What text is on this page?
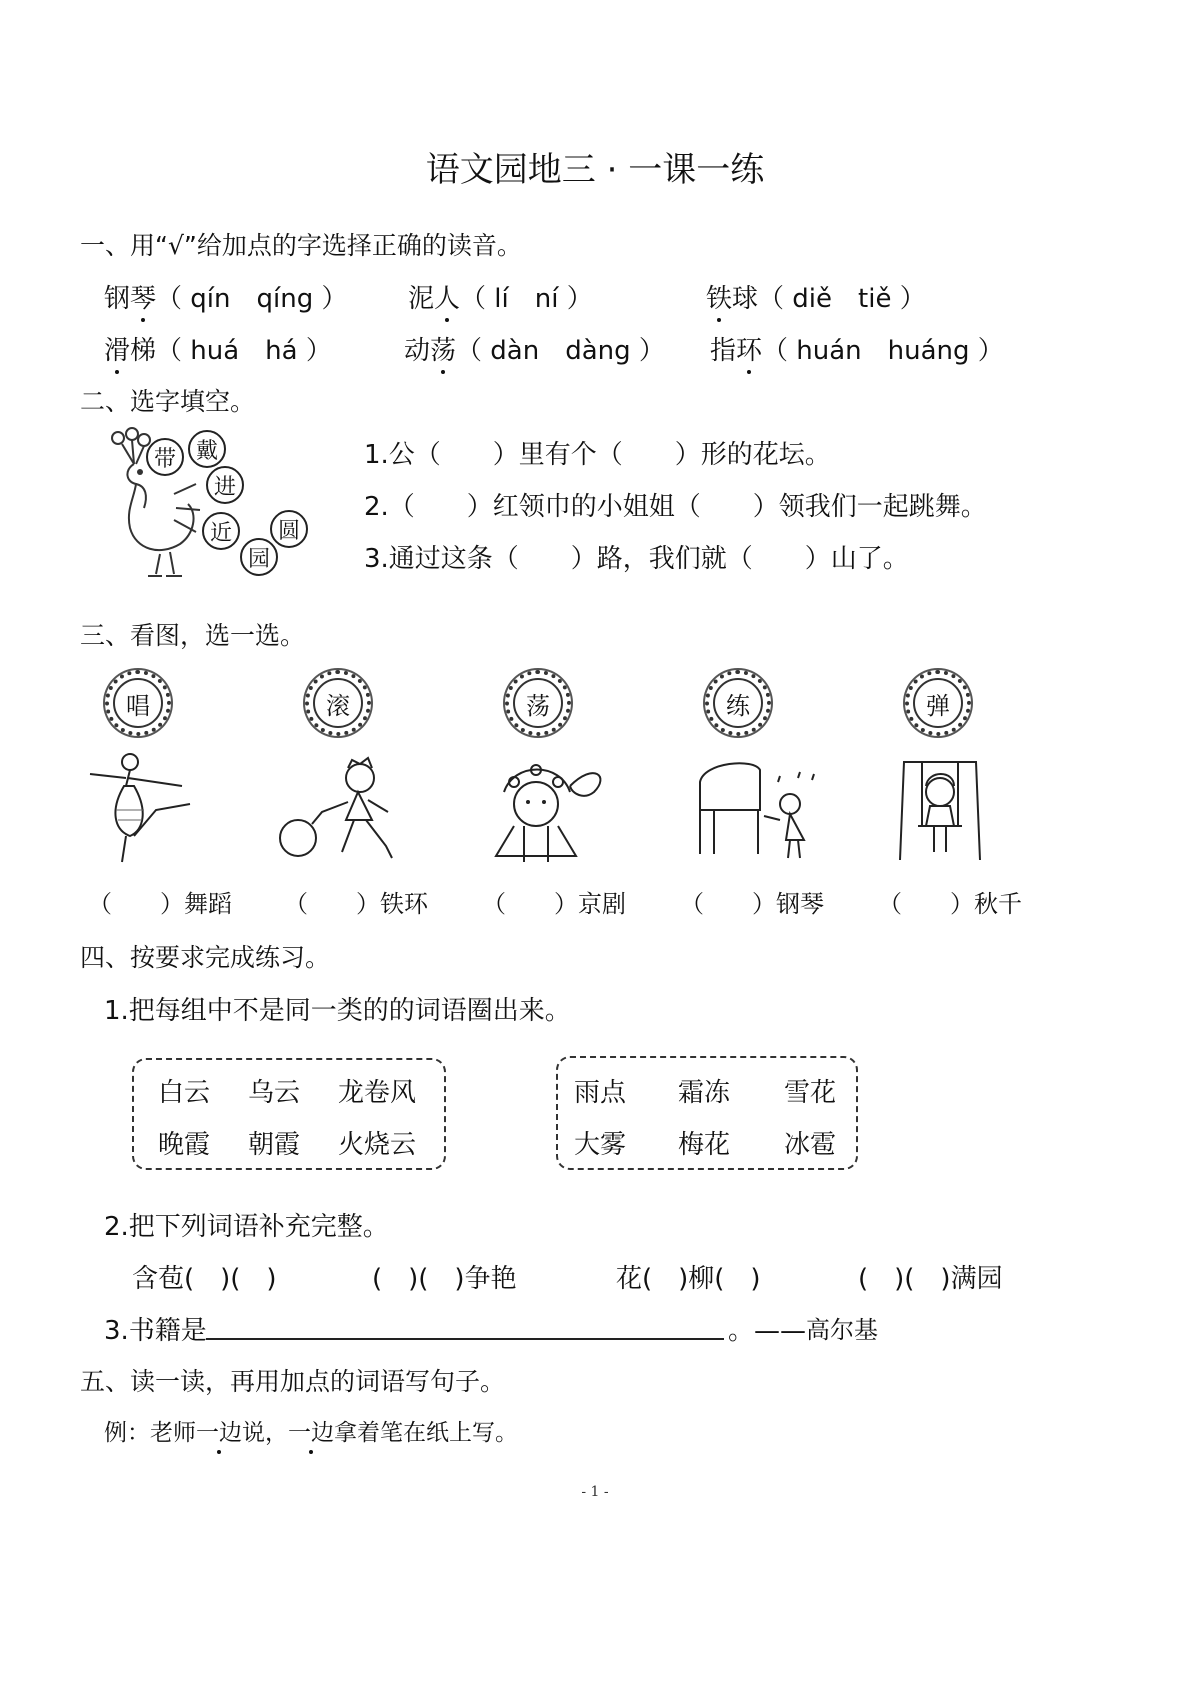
语文园地三 · 一课一练
一、用“√”给加点的字选择正确的读音。
钢琴（ qín　qíng ） 泥人（ lí　ní ）	铁球（ diě　tiě ）
滑梯（ huá　há ）	动荡（ dàn　dàng ） 指环（ huán　huáng ）
二、选字填空。
带 戴
进
近
园
圆
1.公（　　）里有个（　　）形的花坛。
2.（　　）红领巾的小姐姐（　　）领我们一起跳舞。
3.通过这条（　　）路，我们就（　　）山了。
三、看图，选一选。
唱	滚	荡	练	弹
（　　）舞蹈 （　　）铁环 （　　）京剧 （　　）钢琴 （　　）秋千
四、按要求完成练习。
1.把每组中不是同一类的的词语圈出来。
白云 乌云 龙卷风
晚霞 朝霞 火烧云
雨点 霜冻 雪花
大雾 梅花 冰雹
2.把下列词语补充完整。
含苞(　)(　)	(　)(　)争艳	花(　)柳(　)	(　)(　)满园
3.书籍是	。—— 高尔基
五、读一读，再用加点的词语写句子。
例：老师一边说，一边拿着笔在纸上写。
- 1 -
